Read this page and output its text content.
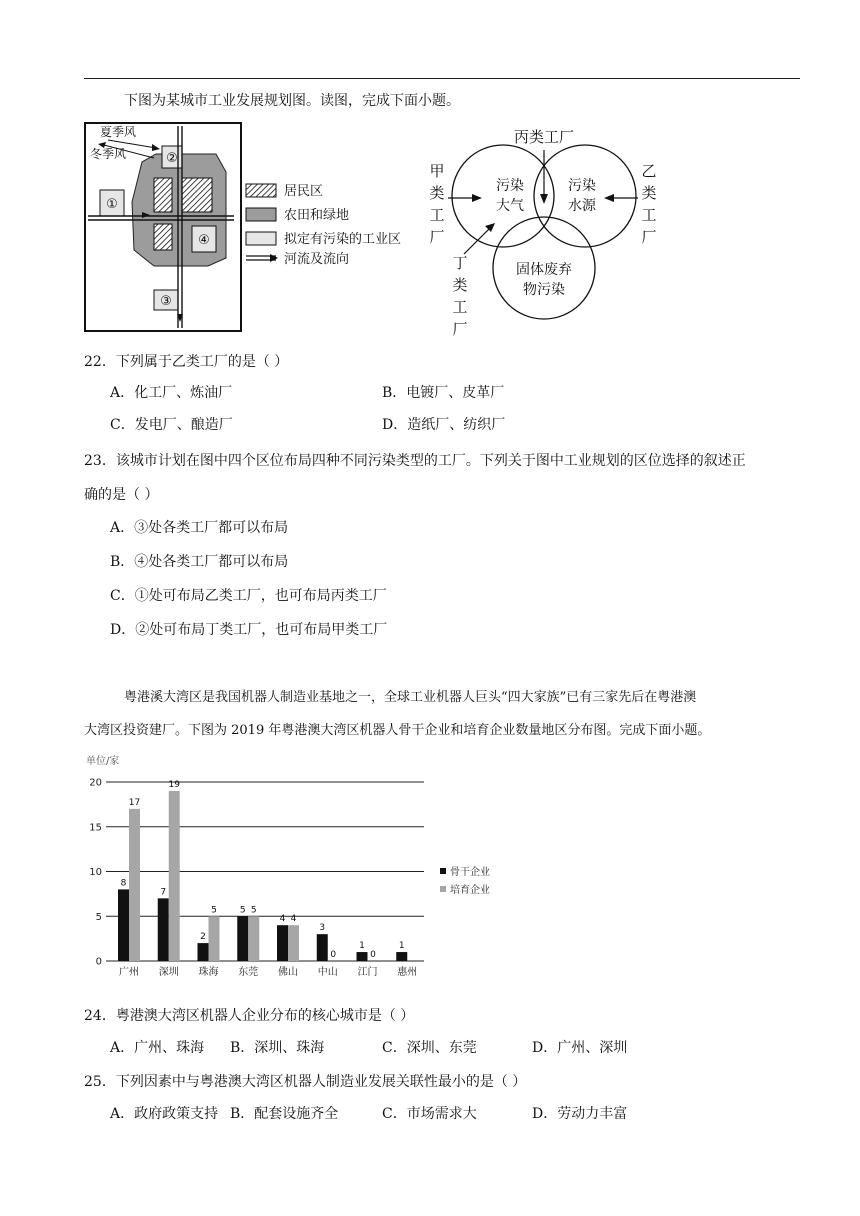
下图为某城市工业发展规划图。读图，完成下面小题。
①
②
④
③
夏季风
冬季风
居民区
农田和绿地
拟定有污染的工业区
河流及流向
丙类工厂
甲
类
工
厂
乙
类
工
厂
丁
类
工
厂
污染
大气
污染
水源
固体废弃
物污染
22．下列属于乙类工厂的是（ ）
A．化工厂、炼油厂	B．电镀厂、皮革厂
C．发电厂、酿造厂	D．造纸厂、纺织厂
23．该城市计划在图中四个区位布局四种不同污染类型的工厂。下列关于图中工业规划的区位选择的叙述正
确的是（ ）
A．③处各类工厂都可以布局
B．④处各类工厂都可以布局
C．①处可布局乙类工厂，也可布局丙类工厂
D．②处可布局丁类工厂，也可布局甲类工厂
粤港溪大湾区是我国机器人制造业基地之一，全球工业机器人巨头“四大家族”已有三家先后在粤港澳
大湾区投资建厂。下图为 2019 年粤港澳大湾区机器人骨干企业和培育企业数量地区分布图。完成下面小题。
单位/家
0
5
10
15
20
8
17
广州
7
19
深圳
2
5
珠海
5 5
东莞
4 4
佛山
3
0
中山
1
0
江门
1
惠州
骨干企业
培育企业
24．粤港澳大湾区机器人企业分布的核心城市是（ ）
A．广州、珠海 B．深圳、珠海	C．深圳、东莞	D．广州、深圳
25．下列因素中与粤港澳大湾区机器人制造业发展关联性最小的是（ ）
A．政府政策支持 B．配套设施齐全	C．市场需求大	D．劳动力丰富
